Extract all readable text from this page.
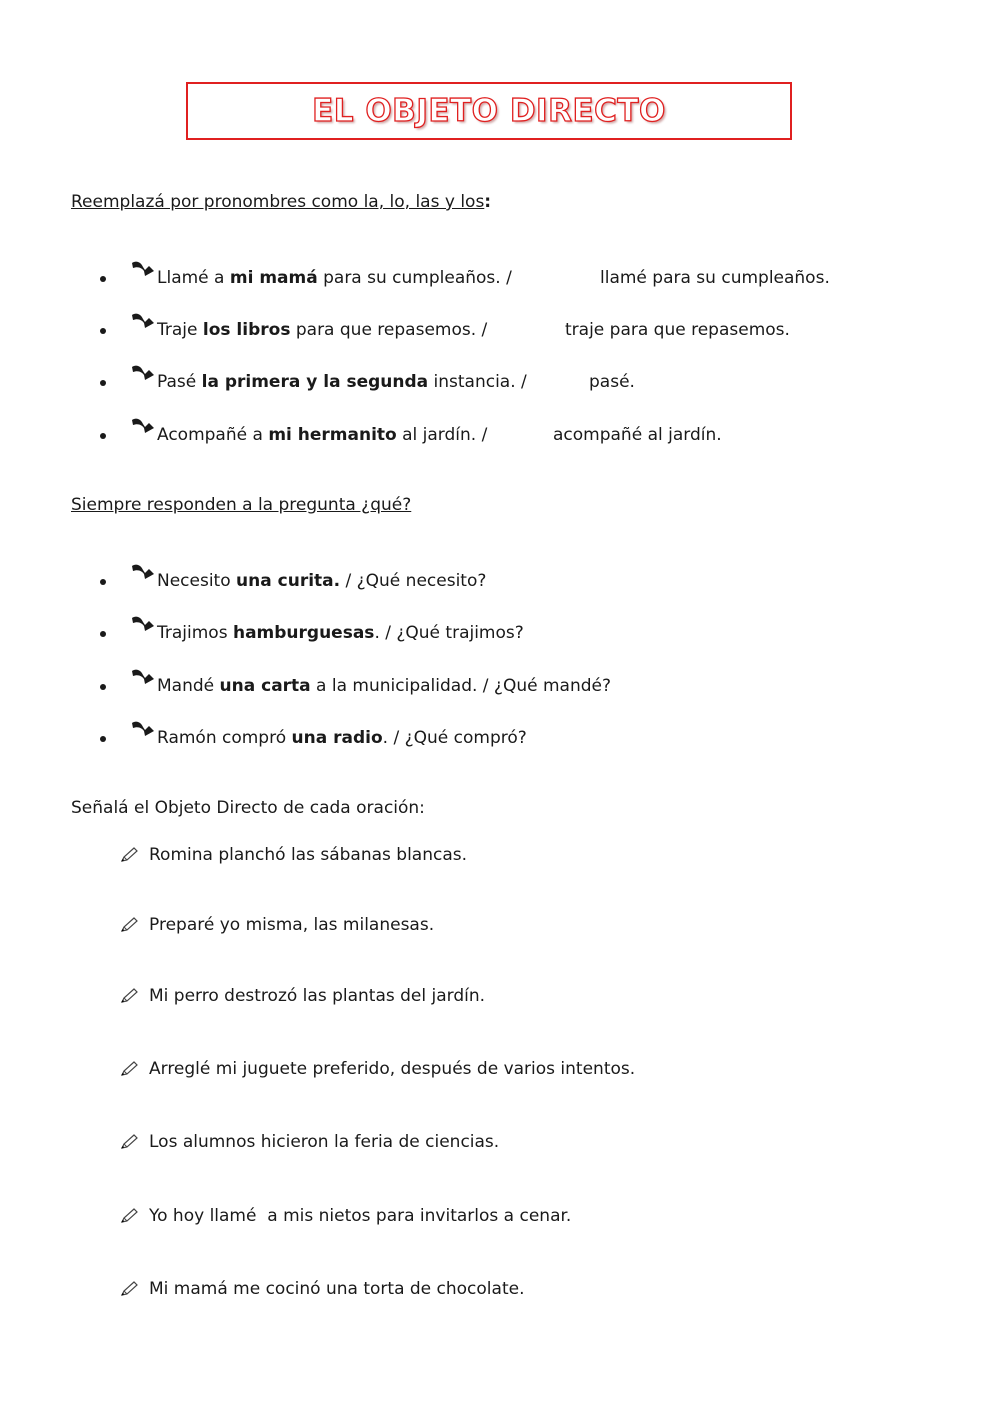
EL OBJETO DIRECTO
Reemplazá por pronombres como la, lo, las y los:
Llamé a mi mamá para su cumpleaños. /	llamé para su cumpleaños.
Traje los libros para que repasemos. /	traje para que repasemos.
Pasé la primera y la segunda instancia. /	pasé.
Acompañé a mi hermanito al jardín. /	acompañé al jardín.
Siempre responden a la pregunta ¿qué?
Necesito una curita. / ¿Qué necesito?
Trajimos hamburguesas. / ¿Qué trajimos?
Mandé una carta a la municipalidad. / ¿Qué mandé?
Ramón compró una radio. / ¿Qué compró?
Señalá el Objeto Directo de cada oración:
Romina planchó las sábanas blancas.
Preparé yo misma, las milanesas.
Mi perro destrozó las plantas del jardín.
Arreglé mi juguete preferido, después de varios intentos.
Los alumnos hicieron la feria de ciencias.
Yo hoy llamé  a mis nietos para invitarlos a cenar.
Mi mamá me cocinó una torta de chocolate.
